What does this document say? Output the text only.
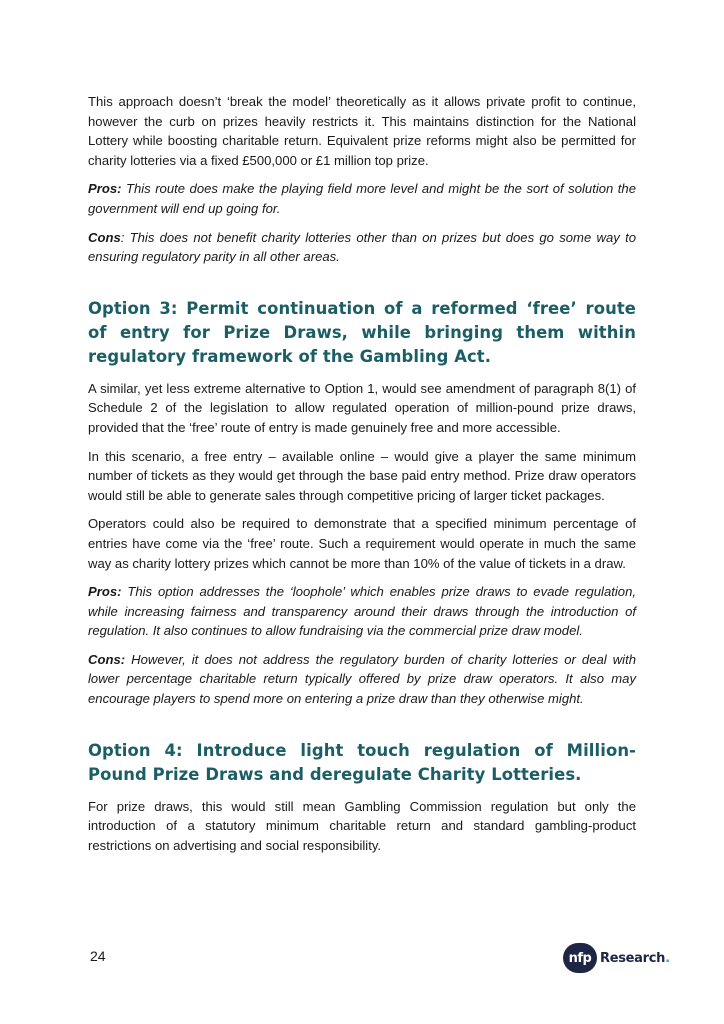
This approach doesn’t ‘break the model’ theoretically as it allows private profit to continue, however the curb on prizes heavily restricts it. This maintains distinction for the National Lottery while boosting charitable return. Equivalent prize reforms might also be permitted for charity lotteries via a fixed £500,000 or £1 million top prize.

Pros: This route does make the playing field more level and might be the sort of solution the government will end up going for.

Cons: This does not benefit charity lotteries other than on prizes but does go some way to ensuring regulatory parity in all other areas.

Option 3: Permit continuation of a reformed ‘free’ route of entry for Prize Draws, while bringing them within regulatory framework of the Gambling Act.

A similar, yet less extreme alternative to Option 1, would see amendment of paragraph 8(1) of Schedule 2 of the legislation to allow regulated operation of million-pound prize draws, provided that the ‘free’ route of entry is made genuinely free and more accessible.

In this scenario, a free entry – available online – would give a player the same minimum number of tickets as they would get through the base paid entry method. Prize draw operators would still be able to generate sales through competitive pricing of larger ticket packages.

Operators could also be required to demonstrate that a specified minimum percentage of entries have come via the ‘free’ route. Such a requirement would operate in much the same way as charity lottery prizes which cannot be more than 10% of the value of tickets in a draw.

Pros: This option addresses the ‘loophole’ which enables prize draws to evade regulation, while increasing fairness and transparency around their draws through the introduction of regulation. It also continues to allow fundraising via the commercial prize draw model.

Cons: However, it does not address the regulatory burden of charity lotteries or deal with lower percentage charitable return typically offered by prize draw operators. It also may encourage players to spend more on entering a prize draw than they otherwise might.

Option 4: Introduce light touch regulation of Million-Pound Prize Draws and deregulate Charity Lotteries.

For prize draws, this would still mean Gambling Commission regulation but only the introduction of a statutory minimum charitable return and standard gambling-product restrictions on advertising and social responsibility.

24	nfp Research.
